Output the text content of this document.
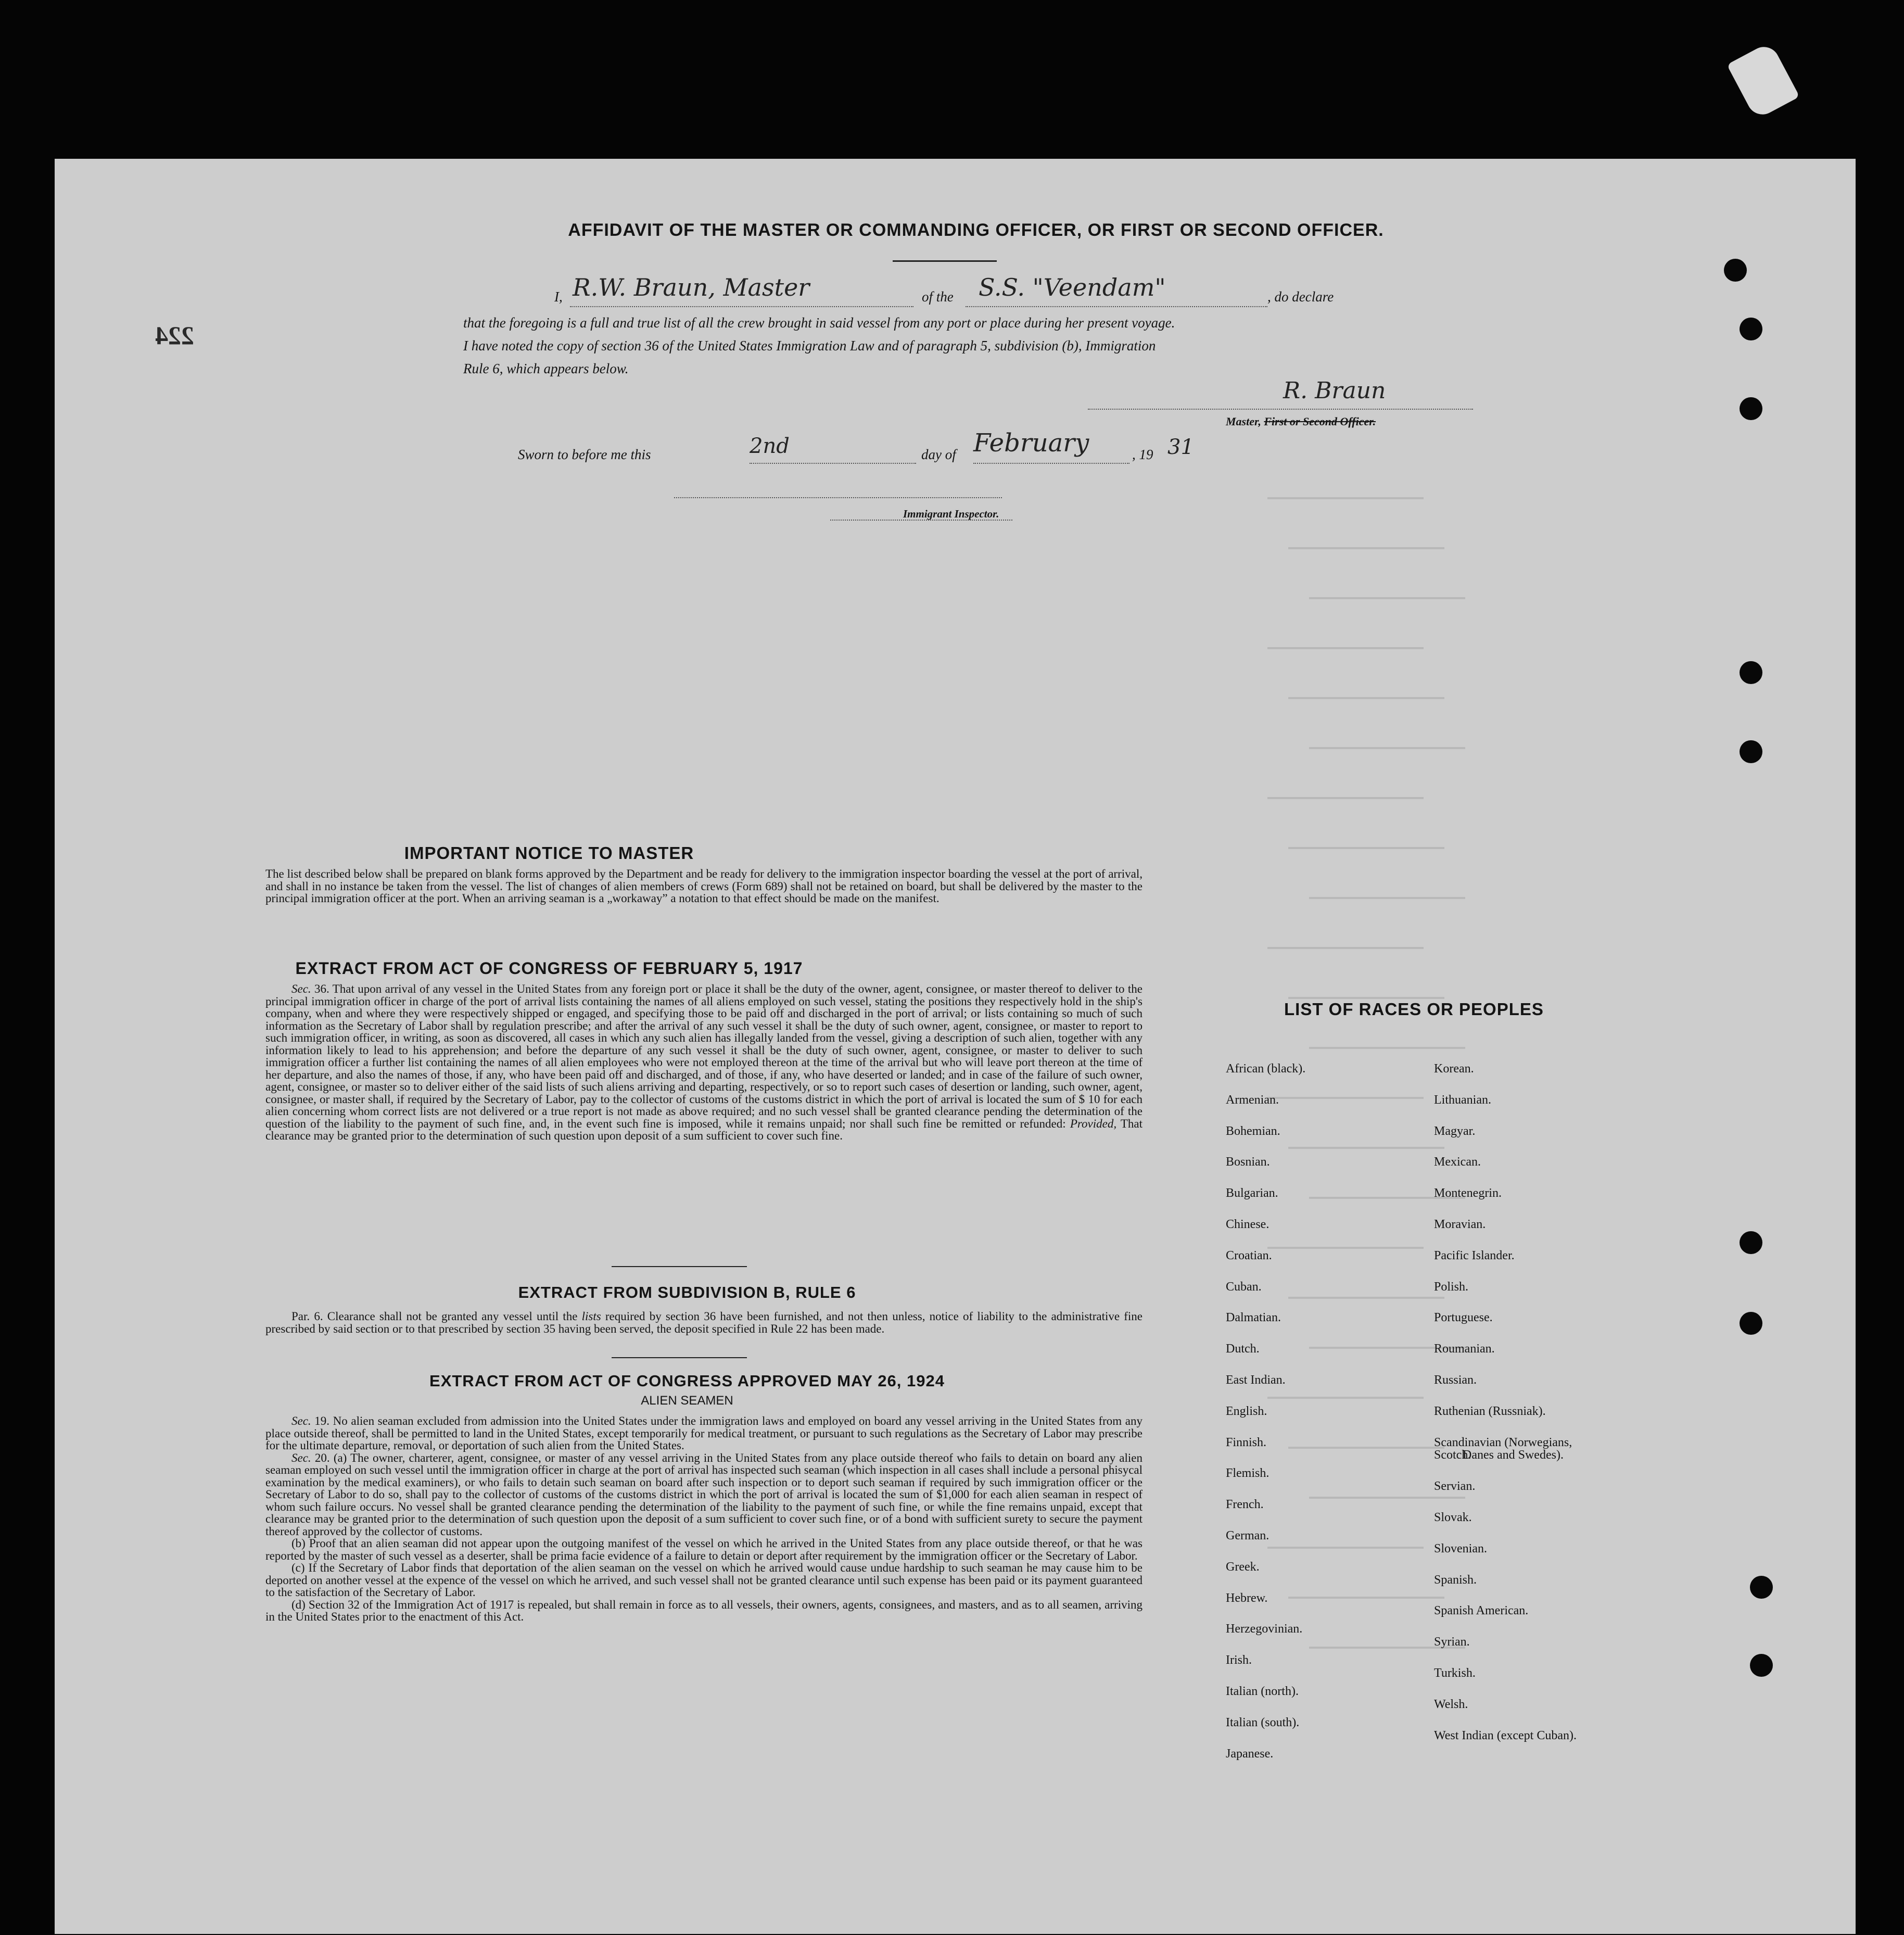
224
AFFIDAVIT OF THE MASTER OR COMMANDING OFFICER, OR FIRST OR SECOND OFFICER.
I, R.W. Braun, Master	of the S.S. "Veendam"	, do declare

that the foregoing is a full and true list of all the crew brought in said vessel from any port or place during her present voyage.

I have noted the copy of section 36 of the United States Immigration Law and of paragraph 5, subdivision (b), Immigration

Rule 6, which appears below.

R. Braun
Master, First or Second Officer.
Sworn to before me this	2nd	day of February	, 19 31
Immigrant Inspector.
IMPORTANT NOTICE TO MASTER
The list described below shall be prepared on blank forms approved by the Department and be ready for delivery to the immigration inspector boarding the vessel at the port of arrival, and shall in no instance be taken from the vessel. The list of changes of alien members of crews (Form 689) shall not be retained on board, but shall be delivered by the master to the principal immigration officer at the port. When an arriving seaman is a „workaway” a notation to that effect should be made on the manifest.
EXTRACT FROM ACT OF CONGRESS OF FEBRUARY 5, 1917
Sec. 36. That upon arrival of any vessel in the United States from any foreign port or place it shall be the duty of the owner, agent, consignee, or master thereof to deliver to the principal immigration officer in charge of the port of arrival lists containing the names of all aliens employed on such vessel, stating the positions they respectively hold in the ship's company, when and where they were respectively shipped or engaged, and specifying those to be paid off and discharged in the port of arrival; or lists containing so much of such information as the Secretary of Labor shall by regulation prescribe; and after the arrival of any such vessel it shall be the duty of such owner, agent, consignee, or master to report to such immigration officer, in writing, as soon as discovered, all cases in which any such alien has illegally landed from the vessel, giving a description of such alien, together with any information likely to lead to his apprehension; and before the departure of any such vessel it shall be the duty of such owner, agent, consignee, or master to deliver to such immigration officer a further list containing the names of all alien employees who were not employed thereon at the time of the arrival but who will leave port thereon at the time of her departure, and also the names of those, if any, who have been paid off and discharged, and of those, if any, who have deserted or landed; and in case of the failure of such owner, agent, consignee, or master so to deliver either of the said lists of such aliens arriving and departing, respectively, or so to report such cases of desertion or landing, such owner, agent, consignee, or master shall, if required by the Secretary of Labor, pay to the collector of customs of the customs district in which the port of arrival is located the sum of $ 10 for each alien concerning whom correct lists are not delivered or a true report is not made as above required; and no such vessel shall be granted clearance pending the determination of the question of the liability to the payment of such fine, and, in the event such fine is imposed, while it remains unpaid; nor shall such fine be remitted or refunded: Provided, That clearance may be granted prior to the determination of such question upon deposit of a sum sufficient to cover such fine.
EXTRACT FROM SUBDIVISION B, RULE 6
Par. 6. Clearance shall not be granted any vessel until the lists required by section 36 have been furnished, and not then unless, notice of liability to the administrative fine prescribed by said section or to that prescribed by section 35 having been served, the deposit specified in Rule 22 has been made.
EXTRACT FROM ACT OF CONGRESS APPROVED MAY 26, 1924
ALIEN SEAMEN

Sec. 19. No alien seaman excluded from admission into the United States under the immigration laws and employed on board any vessel arriving in the United States from any place outside thereof, shall be permitted to land in the United States, except temporarily for medical treatment, or pursuant to such regulations as the Secretary of Labor may prescribe for the ultimate departure, removal, or deportation of such alien from the United States.

Sec. 20. (a) The owner, charterer, agent, consignee, or master of any vessel arriving in the United States from any place outside thereof who fails to detain on board any alien seaman employed on such vessel until the immigration officer in charge at the port of arrival has inspected such seaman (which inspection in all cases shall include a personal phisycal examination by the medical examiners), or who fails to detain such seaman on board after such inspection or to deport such seaman if required by such immigration officer or the Secretary of Labor to do so, shall pay to the collector of customs of the customs district in which the port of arrival is located the sum of $1,000 for each alien seaman in respect of whom such failure occurs. No vessel shall be granted clearance pending the determination of the liability to the payment of such fine, or while the fine remains unpaid, except that clearance may be granted prior to the determination of such question upon the deposit of a sum sufficient to cover such fine, or of a bond with sufficient surety to secure the payment thereof approved by the collector of customs.

(b) Proof that an alien seaman did not appear upon the outgoing manifest of the vessel on which he arrived in the United States from any place outside thereof, or that he was reported by the master of such vessel as a deserter, shall be prima facie evidence of a failure to detain or deport after requirement by the immigration officer or the Secretary of Labor.

(c) If the Secretary of Labor finds that deportation of the alien seaman on the vessel on which he arrived would cause undue hardship to such seaman he may cause him to be deported on another vessel at the expence of the vessel on which he arrived, and such vessel shall not be granted clearance until such expense has been paid or its payment guaranteed to the satisfaction of the Secretary of Labor.

(d) Section 32 of the Immigration Act of 1917 is repealed, but shall remain in force as to all vessels, their owners, agents, consignees, and masters, and as to all seamen, arriving in the United States prior to the enactment of this Act.

LIST OF RACES OR PEOPLES
African (black).
Armenian.
Bohemian.
Bosnian.
Bulgarian.
Chinese.
Croatian.
Cuban.
Dalmatian.
Dutch.
East Indian.
English.
Finnish.
Flemish.
French.
German.
Greek.
Hebrew.
Herzegovinian.
Irish.
Italian (north).
Italian (south).
Japanese.
Korean.
Lithuanian.
Magyar.
Mexican.
Montenegrin.
Moravian.
Pacific Islander.
Polish.
Portuguese.
Roumanian.
Russian.
Ruthenian (Russniak).
Scandinavian (Norwegians,
Danes and Swedes).
Scotch.
Servian.
Slovak.
Slovenian.
Spanish.
Spanish American.
Syrian.
Turkish.
Welsh.
West Indian (except Cuban).
